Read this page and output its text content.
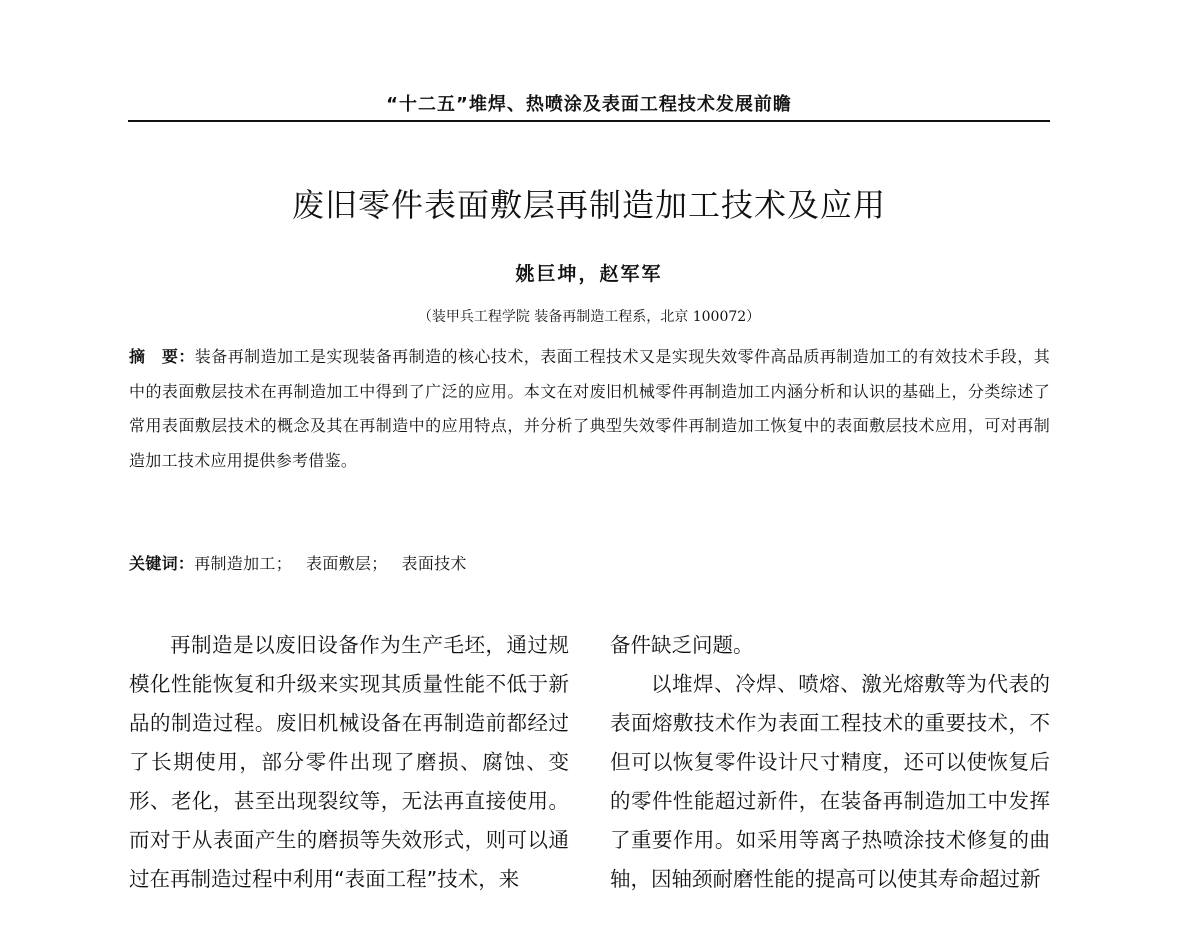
“十二五”堆焊、热喷涂及表面工程技术发展前瞻
废旧零件表面敷层再制造加工技术及应用
姚巨坤，赵军军
（装甲兵工程学院 装备再制造工程系，北京 100072）
摘　要：装备再制造加工是实现装备再制造的核心技术，表面工程技术又是实现失效零件高品质再制造加工的有效技术手段，其中的表面敷层技术在再制造加工中得到了广泛的应用。本文在对废旧机械零件再制造加工内涵分析和认识的基础上，分类综述了常用表面敷层技术的概念及其在再制造中的应用特点，并分析了典型失效零件再制造加工恢复中的表面敷层技术应用，可对再制造加工技术应用提供参考借鉴。
关键词：再制造加工； 表面敷层； 表面技术

再制造是以废旧设备作为生产毛坯，通过规模化性能恢复和升级来实现其质量性能不低于新品的制造过程。废旧机械设备在再制造前都经过了长期使用，部分零件出现了磨损、腐蚀、变形、老化，甚至出现裂纹等，无法再直接使用。而对于从表面产生的磨损等失效形式，则可以通过在再制造过程中利用“表面工程”技术，来

备件缺乏问题。

以堆焊、冷焊、喷熔、激光熔敷等为代表的表面熔敷技术作为表面工程技术的重要技术，不但可以恢复零件设计尺寸精度，还可以使恢复后的零件性能超过新件，在装备再制造加工中发挥了重要作用。如采用等离子热喷涂技术修复的曲轴，因轴颈耐磨性能的提高可以使其寿命超过新
